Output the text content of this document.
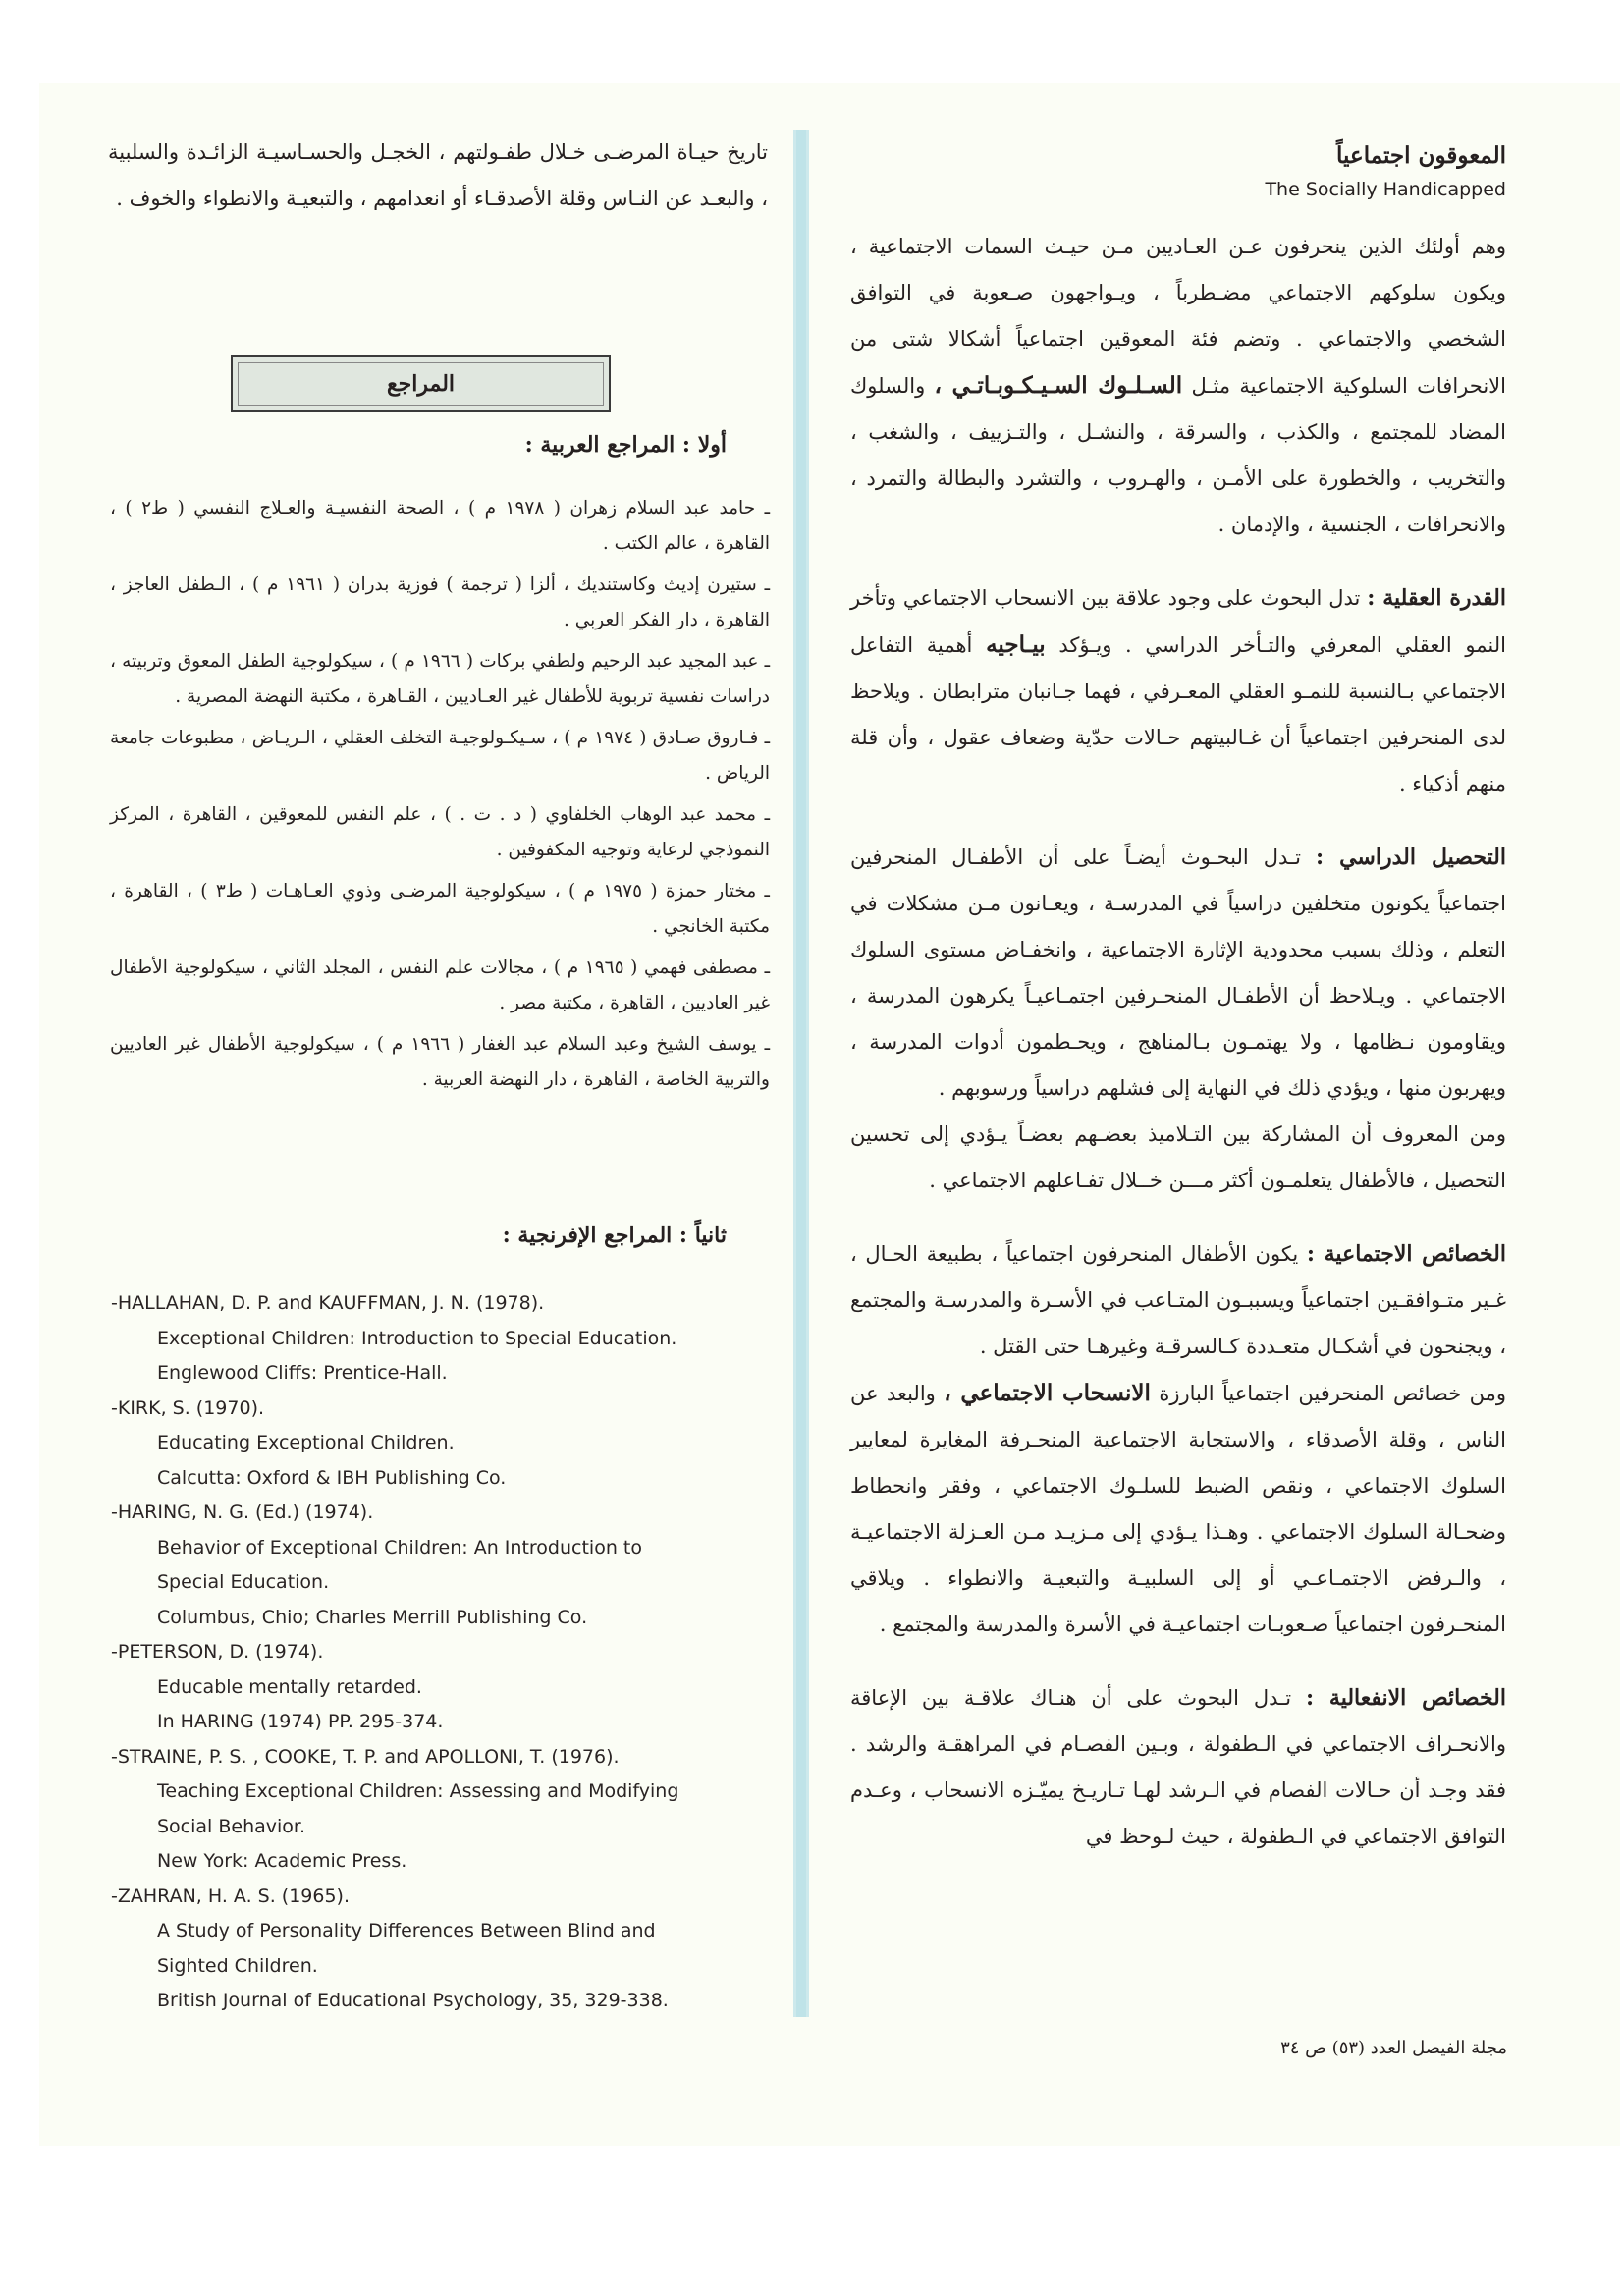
المعوقون اجتماعياً
The Socially Handicapped

وهم أولئك الذين ينحرفون عـن العـاديين مـن حيـث السمات الاجتماعية ، ويكون سلوكهم الاجتماعي مضـطرباً ، ويـواجهون صـعوبة في التوافق الشخصي والاجتماعي . وتضم فئة المعوقين اجتماعياً أشكالا شتى من الانحرافات السلوكية الاجتماعية مثـل السـلـوك السـيـكـوبـاتـي ، والسلوك المضاد للمجتمع ، والكذب ، والسرقة ، والنشـل ، والتـزييف ، والشغب ، والتخريب ، والخطورة على الأمـن ، والهـروب ، والتشرد والبطالة والتمرد ، والانحرافات ، الجنسية ، والإدمان .

القدرة العقلية : تدل البحوث على وجود علاقة بين الانسحاب الاجتماعي وتأخر النمو العقلي المعرفي والتـأخر الدراسي . ويـؤكد بيـاجيه أهمية التفاعل الاجتماعي بـالنسبة للنمـو العقلي المعـرفي ، فهما جـانبان مترابطان . ويلاحظ لدى المنحرفين اجتماعياً أن غـالبيتهم حـالات حدّية وضعاف عقول ، وأن قلة منهم أذكياء .

التحصيل الدراسي : تـدل البحـوث أيضـاً على أن الأطفـال المنحرفين اجتماعياً يكونون متخلفين دراسياً في المدرسـة ، ويعـانون مـن مشكلات في التعلم ، وذلك بسبب محدودية الإثارة الاجتماعية ، وانخفـاض مستوى السلوك الاجتماعي . ويـلاحظ أن الأطفـال المنحـرفين اجتمـاعيـاً يكرهون المدرسة ، ويقاومون نـظامها ، ولا يهتمـون بـالمناهج ، ويحـطمون أدوات المدرسة ، ويهربون منها ، ويؤدي ذلك في النهاية إلى فشلهم دراسياً ورسوبهم .

ومن المعروف أن المشاركة بين التـلاميذ بعضـهم بعضـاً يـؤدي إلى تحسين التحصيل ، فالأطفال يتعلمـون أكثر مـــن خــلال تفـاعلهم الاجتماعي .

الخصائص الاجتماعية : يكون الأطفال المنحرفون اجتماعياً ، بطبيعة الحـال ، غـير متـوافقـين اجتماعياً ويسببـون المتـاعب في الأسـرة والمدرسـة والمجتمع ، ويجنحون في أشكـال متعـددة كـالسرقـة وغيرهـا حتى القتل .

ومن خصائص المنحرفين اجتماعياً البارزة الانسحاب الاجتماعي ، والبعد عن الناس ، وقلة الأصدقاء ، والاستجابة الاجتماعية المنحـرفة المغايرة لمعايير السلوك الاجتماعي ، ونقص الضبط للسلـوك الاجتماعي ، وفقر وانحطاط وضحـالة السلوك الاجتماعي . وهـذا يـؤدي إلى مـزيـد مـن العـزلة الاجتماعيـة ، والـرفض الاجتمـاعـي أو إلى السلبيـة والتبعيـة والانطواء . ويلاقي المنحـرفون اجتماعياً صـعوبـات اجتماعيـة في الأسرة والمدرسة والمجتمع .

الخصائص الانفعالية : تـدل البحوث على أن هنـاك علاقـة بين الإعاقة والانحـراف الاجتماعي في الـطفولة ، وبـين الفصـام في المراهقـة والرشد . فقد وجـد أن حـالات الفصام في الـرشد لهـا تـاريـخ يميّـزه الانسحاب ، وعـدم التوافق الاجتماعي في الـطفولة ، حيث لـوحظ في

تاريخ حيـاة المرضـى خـلال طفـولتهم ، الخجـل والحسـاسيـة الزائـدة والسلبية ، والبعـد عن النـاس وقلة الأصدقـاء أو انعدامهم ، والتبعيـة والانطواء والخوف .

المراجع
أولا : المراجع العربية :

ـ حامد عبد السلام زهران ( ١٩٧٨ م ) ، الصحة النفسيـة والعـلاج النفسي ( ط٢ ) ، القاهرة ، عالم الكتب .

ـ ستيرن إديث وكاستنديك ، ألزا ( ترجمة ) فوزية بدران ( ١٩٦١ م ) ، الـطفل العاجز ، القاهرة ، دار الفكر العربي .

ـ عبد المجيد عبد الرحيم ولطفي بركات ( ١٩٦٦ م ) ، سيكولوجية الطفل المعوق وتربيته ، دراسات نفسية تربوية للأطفال غير العـاديين ، القـاهرة ، مكتبة النهضة المصرية .

ـ فـاروق صـادق ( ١٩٧٤ م ) ، سـيكـولوجيـة التخلف العقلي ، الـريـاض ، مطبوعات جامعة الرياض .

ـ محمد عبد الوهاب الخلفاوي ( د . ت . ) ، علم النفس للمعوقين ، القاهرة ، المركز النموذجي لرعاية وتوجيه المكفوفين .

ـ مختار حمزة ( ١٩٧٥ م ) ، سيكولوجية المرضـى وذوي العـاهـات ( ط٣ ) ، القاهرة ، مكتبة الخانجي .

ـ مصطفى فهمي ( ١٩٦٥ م ) ، مجالات علم النفس ، المجلد الثاني ، سيكولوجية الأطفال غير العاديين ، القاهرة ، مكتبة مصر .

ـ يوسف الشيخ وعبد السلام عبد الغفار ( ١٩٦٦ م ) ، سيكولوجية الأطفال غير العاديين والتربية الخاصة ، القاهرة ، دار النهضة العربية .

ثانياً : المراجع الإفرنجية :
-HALLAHAN, D. P. and KAUFFMAN, J. N. (1978).
Exceptional Children: Introduction to Special Education.
Englewood Cliffs: Prentice-Hall.
-KIRK, S. (1970).
Educating Exceptional Children.
Calcutta: Oxford & IBH Publishing Co.
-HARING, N. G. (Ed.) (1974).
Behavior of Exceptional Children: An Introduction to
Special Education.
Columbus, Chio; Charles Merrill Publishing Co.
-PETERSON, D. (1974).
Educable mentally retarded.
In HARING (1974) PP. 295-374.
-STRAINE, P. S. , COOKE, T. P. and APOLLONI, T. (1976).
Teaching Exceptional Children: Assessing and Modifying
Social Behavior.
New York: Academic Press.
-ZAHRAN, H. A. S. (1965).
A Study of Personality Differences Between Blind and
Sighted Children.
British Journal of Educational Psychology, 35, 329-338.
مجلة الفيصل العدد (٥٣) ص ٣٤
